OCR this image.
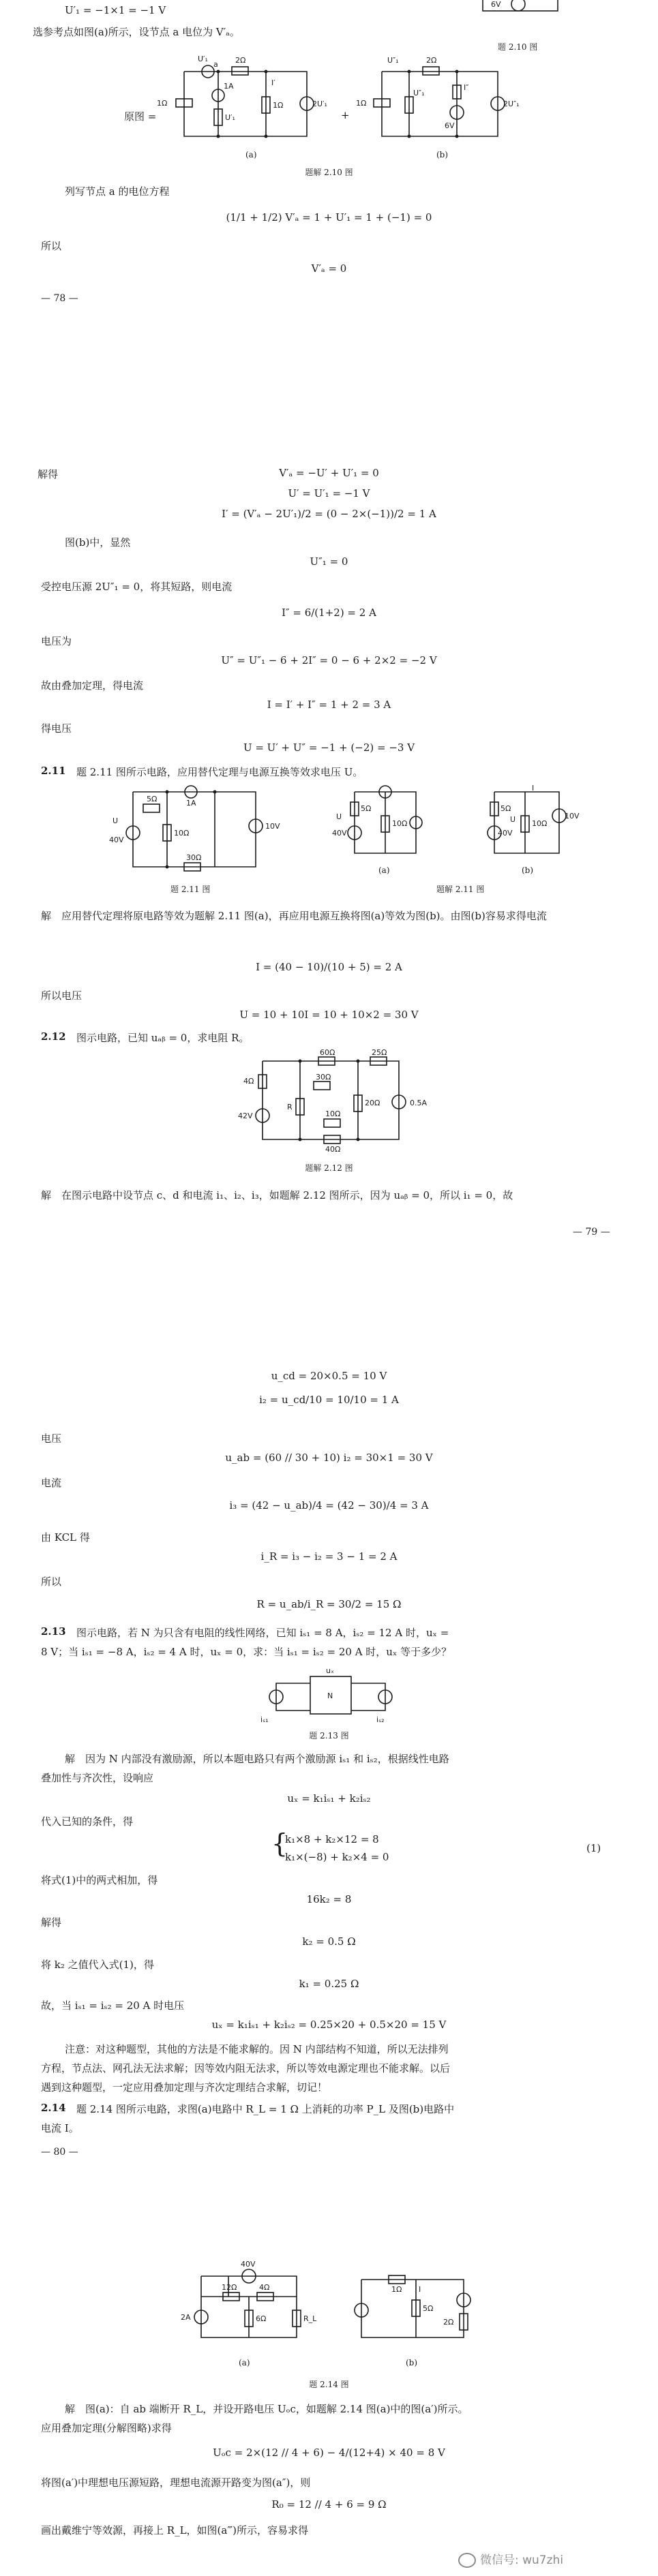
U′₁ = −1×1 = −1 V
选参考点如图(a)所示，设节点 a 电位为 V′ₐ。
6V
题 2.10 图
原图 =
2Ω
U′₁
a
1Ω
1A
U′₁
1Ω
I′
2U′₁
(a)
+
2Ω
U″₁
1Ω
U″₁
6V
I″
2U″₁
(b)
题解 2.10 图
列写节点 a 的电位方程
(1/1 + 1/2) V′ₐ = 1 + U′₁ = 1 + (−1) = 0
所以
V′ₐ = 0
— 78 —
解得	V′ₐ = −U′ + U′₁ = 0
U′ = U′₁ = −1 V
I′ = (V′ₐ − 2U′₁)/2 = (0 − 2×(−1))/2 = 1 A
图(b)中，显然
U″₁ = 0
受控电压源 2U″₁ = 0，将其短路，则电流
I″ = 6/(1+2) = 2 A
电压为
U″ = U″₁ − 6 + 2I″ = 0 − 6 + 2×2 = −2 V
故由叠加定理，得电流
I = I′ + I″ = 1 + 2 = 3 A
得电压
U = U′ + U″ = −1 + (−2) = −3 V
2.11 题 2.11 图所示电路，应用替代定理与电源互换等效求电压 U。
1A
5Ω
40V
U
10Ω
10V
30Ω
题 2.11 图
5Ω
40V
10Ω
U
(a)
5Ω
40V
10Ω
10V
I
U
(b)
题解 2.11 图
解　应用替代定理将原电路等效为题解 2.11 图(a)，再应用电源互换将图(a)等效为图(b)。由图(b)容易求得电流
I = (40 − 10)/(10 + 5) = 2 A
所以电压
U = 10 + 10I = 10 + 10×2 = 30 V
2.12 图示电路，已知 uₐᵦ = 0，求电阻 R。
60Ω	25Ω
30Ω
4Ω
42V
R	20Ω
10Ω
40Ω
0.5A
题解 2.12 图
解　在图示电路中设节点 c、d 和电流 i₁、i₂、i₃，如题解 2.12 图所示，因为 uₐᵦ = 0，所以 i₁ = 0，故
— 79 —
u_cd = 20×0.5 = 10 V
i₂ = u_cd/10 = 10/10 = 1 A
电压
u_ab = (60 // 30 + 10) i₂ = 30×1 = 30 V
电流
i₃ = (42 − u_ab)/4 = (42 − 30)/4 = 3 A
由 KCL 得
i_R = i₃ − i₂ = 3 − 1 = 2 A
所以
R = u_ab/i_R = 30/2 = 15 Ω
2.13 图示电路，若 N 为只含有电阻的线性网络，已知 iₛ₁ = 8 A，iₛ₂ = 12 A 时，uₓ =
8 V；当 iₛ₁ = −8 A，iₛ₂ = 4 A 时，uₓ = 0，求：当 iₛ₁ = iₛ₂ = 20 A 时，uₓ 等于多少？
N
iₛ₁	iₛ₂
uₓ
题 2.13 图
解　因为 N 内部没有激励源，所以本题电路只有两个激励源 iₛ₁ 和 iₛ₂，根据线性电路
叠加性与齐次性，设响应
uₓ = k₁iₛ₁ + k₂iₛ₂
代入已知的条件，得
{
k₁×8 + k₂×12 = 8
k₁×(−8) + k₂×4 = 0
(1)
将式(1)中的两式相加，得
16k₂ = 8
解得
k₂ = 0.5 Ω
将 k₂ 之值代入式(1)，得
k₁ = 0.25 Ω
故，当 iₛ₁ = iₛ₂ = 20 A 时电压
uₓ = k₁iₛ₁ + k₂iₛ₂ = 0.25×20 + 0.5×20 = 15 V
注意：对这种题型，其他的方法是不能求解的。因 N 内部结构不知道，所以无法排列
方程，节点法、网孔法无法求解；因等效内阻无法求，所以等效电源定理也不能求解。以后
遇到这种题型，一定应用叠加定理与齐次定理结合求解，切记！
2.14 题 2.14 图所示电路，求图(a)电路中 R_L = 1 Ω 上消耗的功率 P_L 及图(b)电路中
电流 I。
— 80 —
40V
12Ω	4Ω
2A	6Ω	R_L
(a)
1Ω
5Ω
I
2Ω
(b)
题 2.14 图
解　图(a)：自 ab 端断开 R_L，并设开路电压 Uₒc，如题解 2.14 图(a)中的图(a′)所示。
应用叠加定理(分解图略)求得
Uₒc = 2×(12 // 4 + 6) − 4/(12+4) × 40 = 8 V
将图(a′)中理想电压源短路，理想电流源开路变为图(a″)，则
R₀ = 12 // 4 + 6 = 9 Ω
画出戴维宁等效源，再接上 R_L，如图(a‴)所示，容易求得
微信号: wu7zhi
